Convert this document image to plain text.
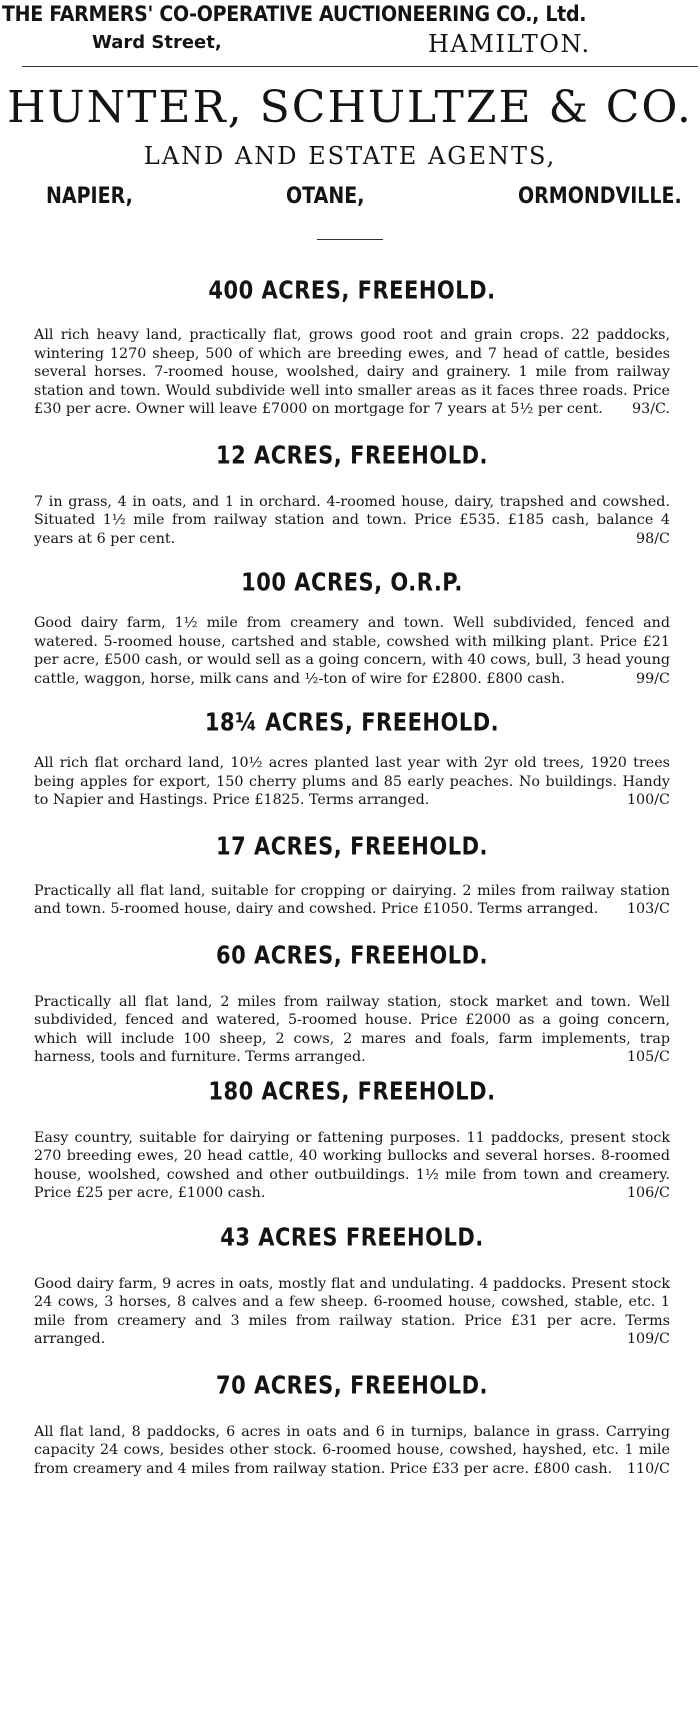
THE FARMERS' CO-OPERATIVE AUCTIONEERING CO., Ltd.
Ward Street,	HAMILTON.
HUNTER, SCHULTZE & CO.
LAND AND ESTATE AGENTS,
NAPIER,	OTANE,	ORMONDVILLE.
400 ACRES, FREEHOLD.

All rich heavy land, practically flat, grows good root and grain crops. 22 paddocks, wintering 1270 sheep, 500 of which are breeding ewes, and 7 head of cattle, besides several horses. 7-roomed house, woolshed, dairy and grainery. 1 mile from railway station and town. Would subdivide well into smaller areas as it faces three roads. Price £30 per acre. Owner will leave £7000 on mortgage for 7 years at 5½ per cent. 93/C.

12 ACRES, FREEHOLD.

7 in grass, 4 in oats, and 1 in orchard. 4-roomed house, dairy, trapshed and cowshed. Situated 1½ mile from railway station and town. Price £535. £185 cash, balance 4 years at 6 per cent.	98/C

100 ACRES, O.R.P.

Good dairy farm, 1½ mile from creamery and town. Well subdivided, fenced and watered. 5-roomed house, cartshed and stable, cowshed with milking plant. Price £21 per acre, £500 cash, or would sell as a going concern, with 40 cows, bull, 3 head young cattle, waggon, horse, milk cans and ½-ton of wire for £2800. £800 cash.	99/C

18¼ ACRES, FREEHOLD.

All rich flat orchard land, 10½ acres planted last year with 2yr old trees, 1920 trees being apples for export, 150 cherry plums and 85 early peaches. No buildings. Handy to Napier and Hastings. Price £1825. Terms arranged.	100/C

17 ACRES, FREEHOLD.

Practically all flat land, suitable for cropping or dairying. 2 miles from railway station and town. 5-roomed house, dairy and cowshed. Price £1050. Terms arranged. 103/C

60 ACRES, FREEHOLD.

Practically all flat land, 2 miles from railway station, stock market and town. Well subdivided, fenced and watered, 5-roomed house. Price £2000 as a going concern, which will include 100 sheep, 2 cows, 2 mares and foals, farm implements, trap harness, tools and furniture. Terms arranged.	105/C

180 ACRES, FREEHOLD.

Easy country, suitable for dairying or fattening purposes. 11 paddocks, present stock 270 breeding ewes, 20 head cattle, 40 working bullocks and several horses. 8-roomed house, woolshed, cowshed and other outbuildings. 1½ mile from town and creamery. Price £25 per acre, £1000 cash.	106/C

43 ACRES FREEHOLD.

Good dairy farm, 9 acres in oats, mostly flat and undulating. 4 paddocks. Present stock 24 cows, 3 horses, 8 calves and a few sheep. 6-roomed house, cowshed, stable, etc. 1 mile from creamery and 3 miles from railway station. Price £31 per acre. Terms arranged.	109/C

70 ACRES, FREEHOLD.

All flat land, 8 paddocks, 6 acres in oats and 6 in turnips, balance in grass. Carrying capacity 24 cows, besides other stock. 6-roomed house, cowshed, hayshed, etc. 1 mile from creamery and 4 miles from railway station. Price £33 per acre. £800 cash. 110/C
